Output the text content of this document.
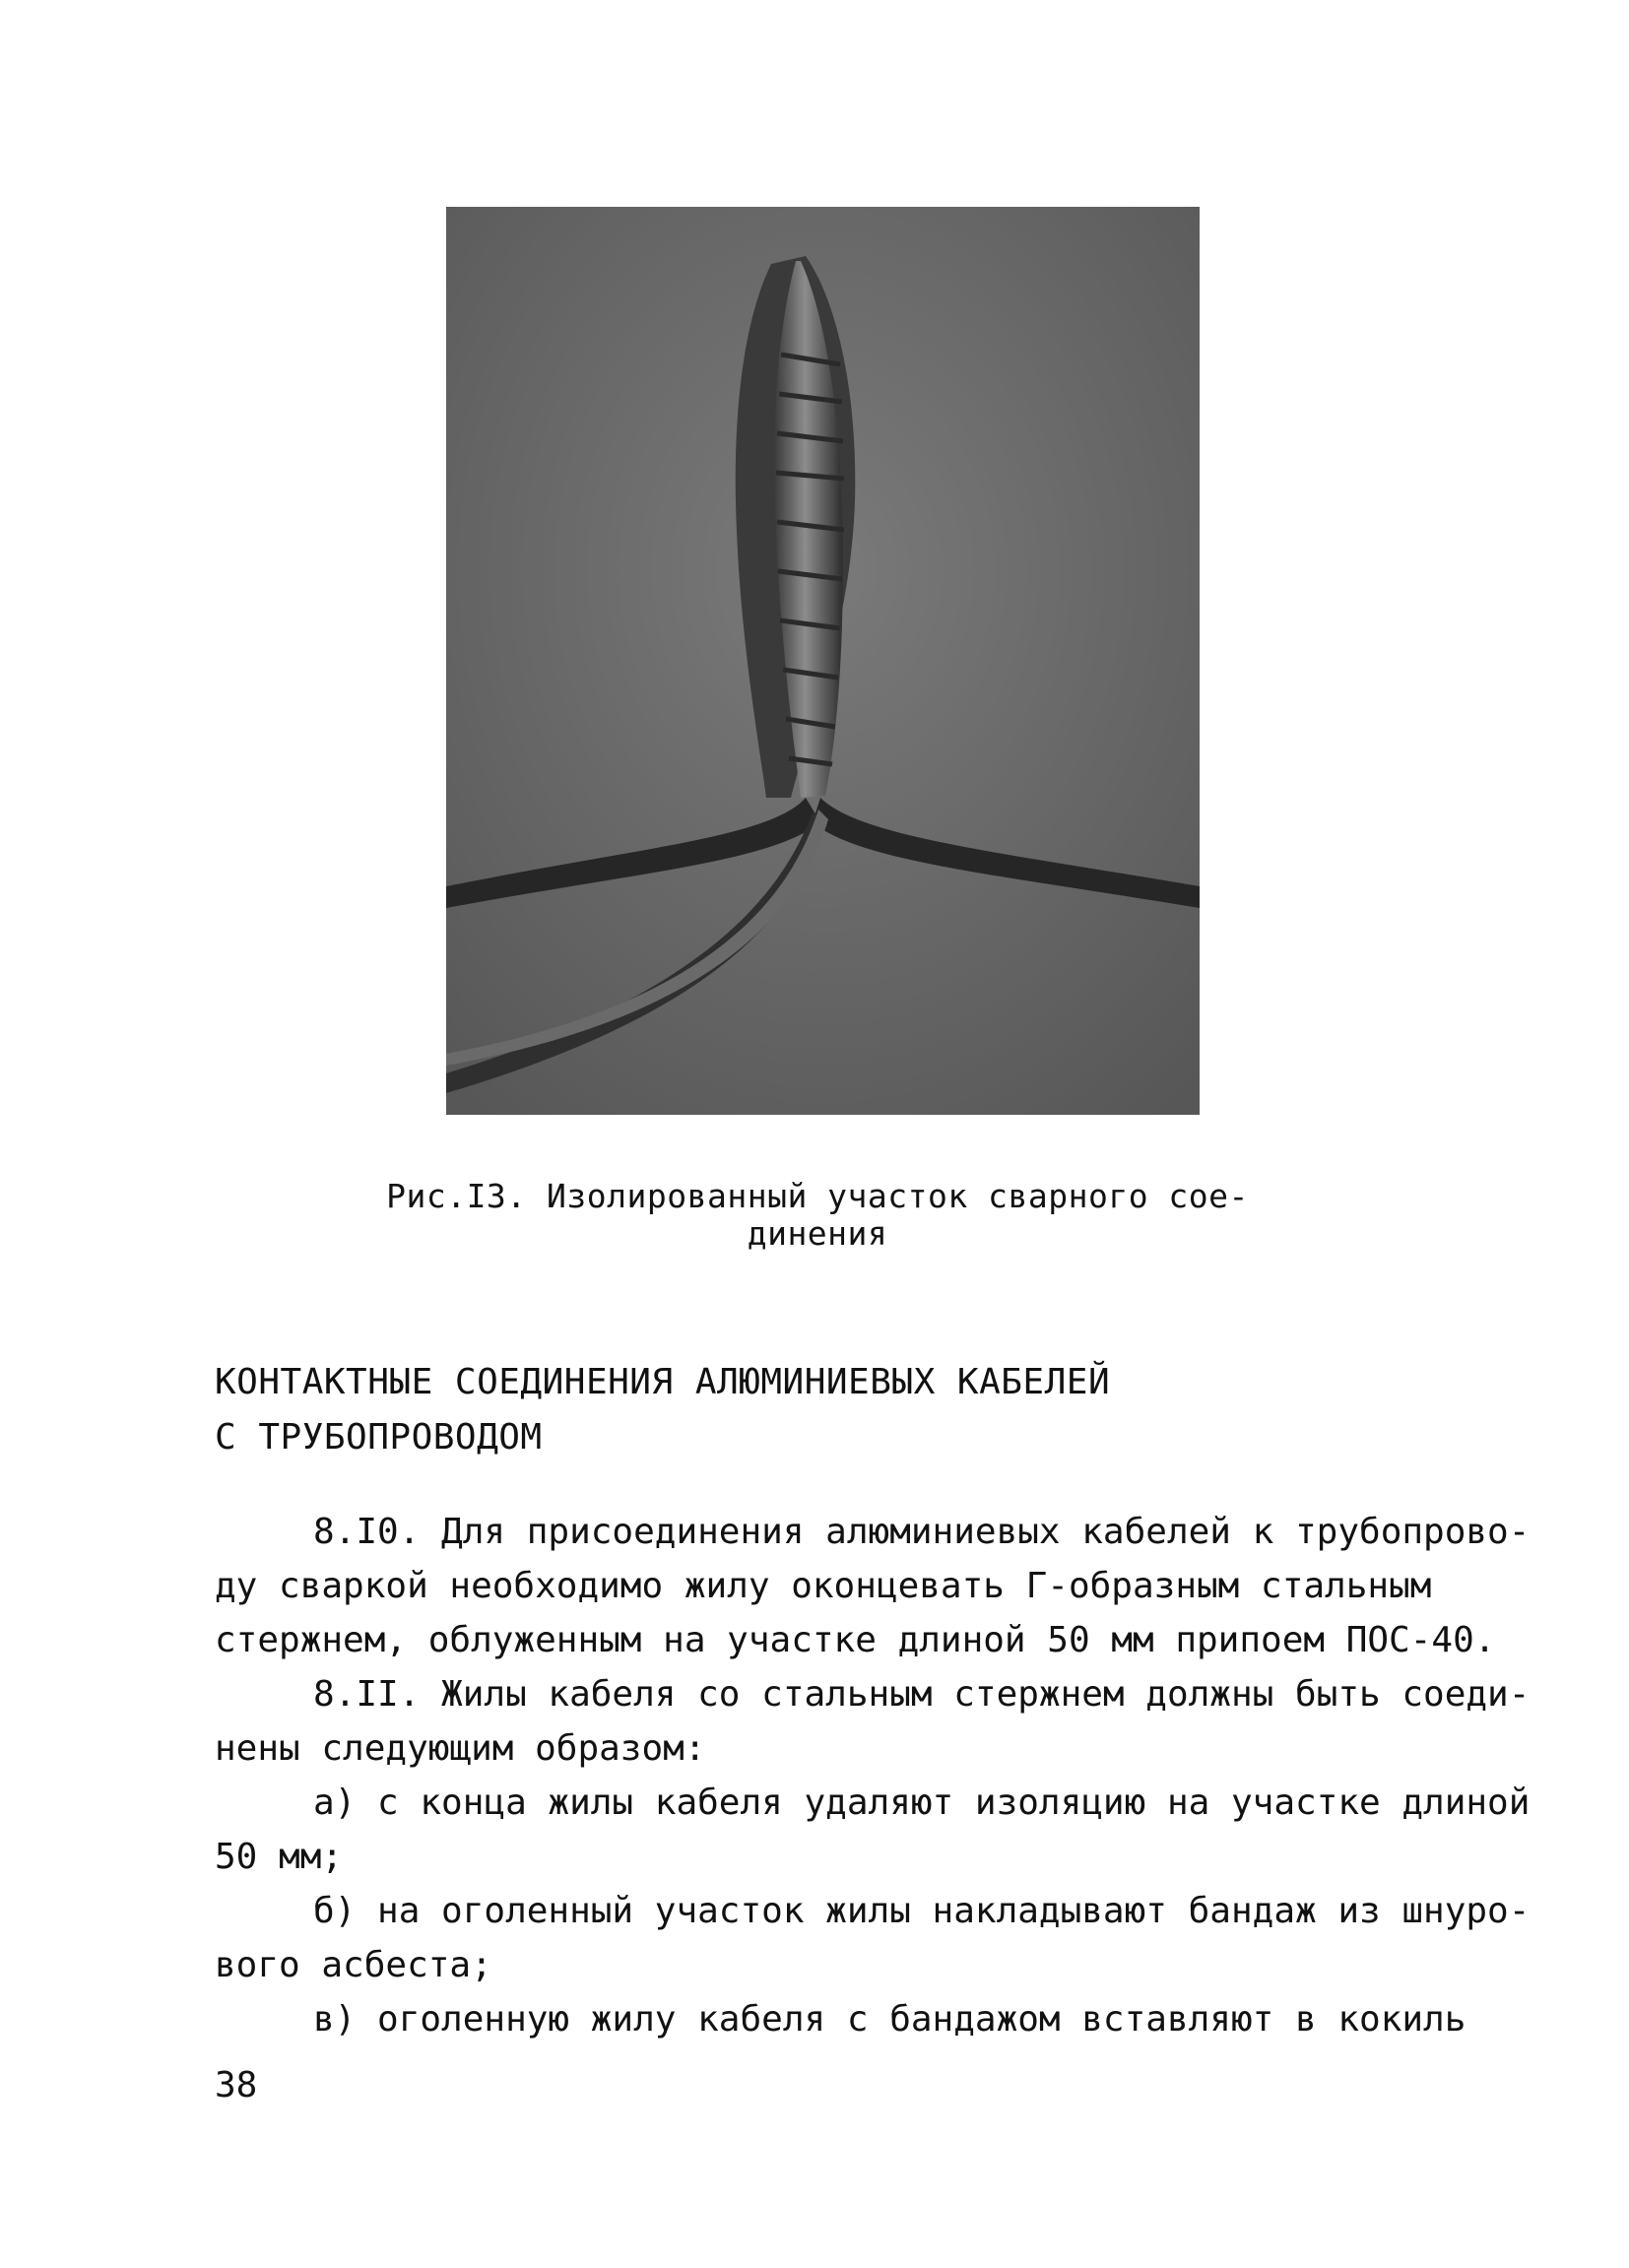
Рис.I3. Изолированный участок сварного сое-
динения
КОНТАКТНЫЕ СОЕДИНЕНИЯ АЛЮМИНИЕВЫХ КАБЕЛЕЙ
С ТРУБОПРОВОДОМ
8.I0. Для присоединения алюминиевых кабелей к трубопрово-
ду сваркой необходимо жилу оконцевать Г-образным стальным
стержнем, облуженным на участке длиной 50 мм припоем ПОС-40.
8.II. Жилы кабеля со стальным стержнем должны быть соеди-
нены следующим образом:
а) с конца жилы кабеля удаляют изоляцию на участке длиной
50 мм;
б) на оголенный участок жилы накладывают бандаж из шнуро-
вого асбеста;
в) оголенную жилу кабеля с бандажом вставляют в кокиль
38
